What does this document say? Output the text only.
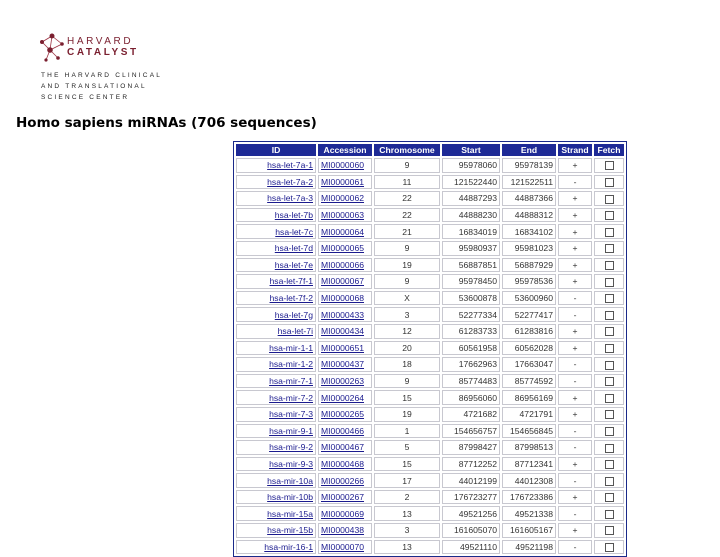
HARVARD
CATALYST
THE HARVARD CLINICAL
AND TRANSLATIONAL
SCIENCE CENTER
Homo sapiens miRNAs (706 sequences)
ID	Accession	Chromosome	Start	End	Strand	Fetch
hsa-let-7a-1	MI0000060	9	95978060	95978139	+	
hsa-let-7a-2	MI0000061	11	121522440	121522511	-	
hsa-let-7a-3	MI0000062	22	44887293	44887366	+	
hsa-let-7b	MI0000063	22	44888230	44888312	+	
hsa-let-7c	MI0000064	21	16834019	16834102	+	
hsa-let-7d	MI0000065	9	95980937	95981023	+	
hsa-let-7e	MI0000066	19	56887851	56887929	+	
hsa-let-7f-1	MI0000067	9	95978450	95978536	+	
hsa-let-7f-2	MI0000068	X	53600878	53600960	-	
hsa-let-7g	MI0000433	3	52277334	52277417	-	
hsa-let-7i	MI0000434	12	61283733	61283816	+	
hsa-mir-1-1	MI0000651	20	60561958	60562028	+	
hsa-mir-1-2	MI0000437	18	17662963	17663047	-	
hsa-mir-7-1	MI0000263	9	85774483	85774592	-	
hsa-mir-7-2	MI0000264	15	86956060	86956169	+	
hsa-mir-7-3	MI0000265	19	4721682	4721791	+	
hsa-mir-9-1	MI0000466	1	154656757	154656845	-	
hsa-mir-9-2	MI0000467	5	87998427	87998513	-	
hsa-mir-9-3	MI0000468	15	87712252	87712341	+	
hsa-mir-10a	MI0000266	17	44012199	44012308	-	
hsa-mir-10b	MI0000267	2	176723277	176723386	+	
hsa-mir-15a	MI0000069	13	49521256	49521338	-	
hsa-mir-15b	MI0000438	3	161605070	161605167	+	
hsa-mir-16-1	MI0000070	13	49521110	49521198	-	
